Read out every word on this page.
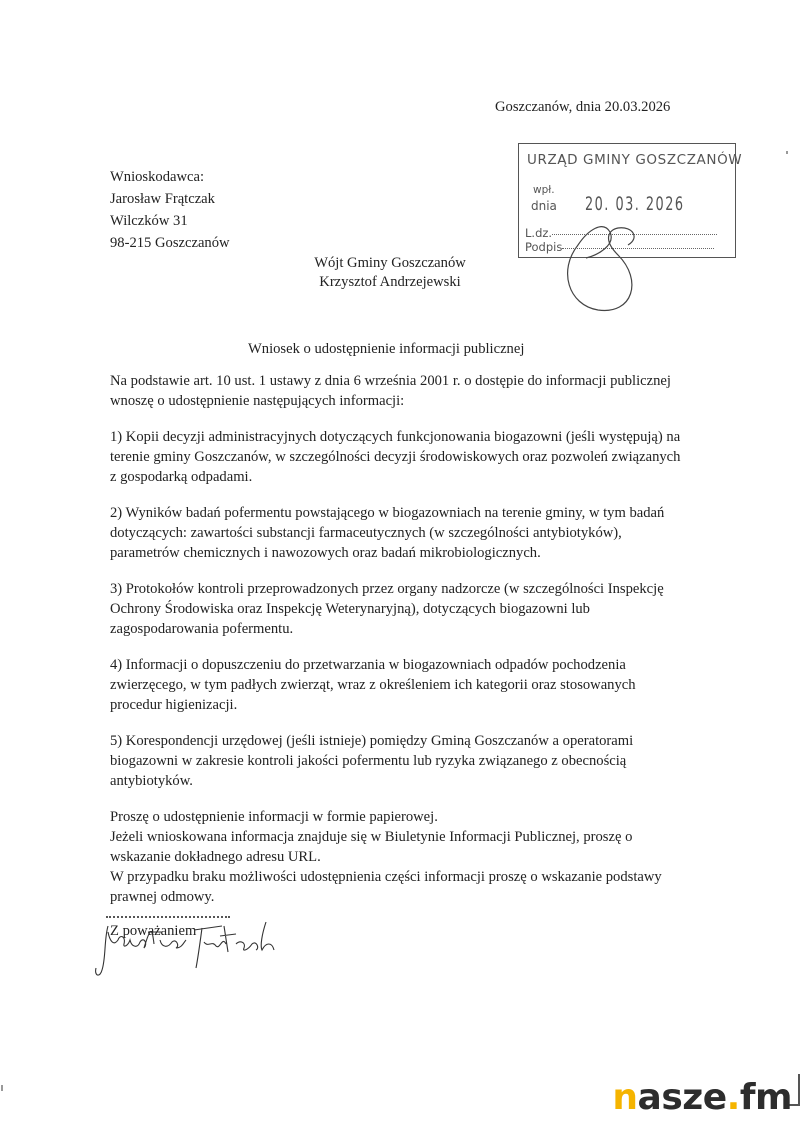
Goszczanów, dnia 20.03.2026
URZĄD GMINY GOSZCZANÓW
wpł.
dnia 20. 03. 2026
L.dz.
Podpis
Wnioskodawca:
Jarosław Frątczak
Wilczków 31
98-215 Goszczanów
Wójt Gminy Goszczanów
Krzysztof Andrzejewski
Wniosek o udostępnienie informacji publicznej

Na podstawie art. 10 ust. 1 ustawy z dnia 6 września 2001 r. o dostępie do informacji publicznej wnoszę o udostępnienie następujących informacji:

1) Kopii decyzji administracyjnych dotyczących funkcjonowania biogazowni (jeśli występują) na terenie gminy Goszczanów, w szczególności decyzji środowiskowych oraz pozwoleń związanych z gospodarką odpadami.

2) Wyników badań pofermentu powstającego w biogazowniach na terenie gminy, w tym badań dotyczących: zawartości substancji farmaceutycznych (w szczególności antybiotyków), parametrów chemicznych i nawozowych oraz badań mikrobiologicznych.

3) Protokołów kontroli przeprowadzonych przez organy nadzorcze (w szczególności Inspekcję Ochrony Środowiska oraz Inspekcję Weterynaryjną), dotyczących biogazowni lub zagospodarowania pofermentu.

4) Informacji o dopuszczeniu do przetwarzania w biogazowniach odpadów pochodzenia zwierzęcego, w tym padłych zwierząt, wraz z określeniem ich kategorii oraz stosowanych procedur higienizacji.

5) Korespondencji urzędowej (jeśli istnieje) pomiędzy Gminą Goszczanów a operatorami biogazowni w zakresie kontroli jakości pofermentu lub ryzyka związanego z obecnością antybiotyków.

Proszę o udostępnienie informacji w formie papierowej.

Jeżeli wnioskowana informacja znajduje się w Biuletynie Informacji Publicznej, proszę o wskazanie dokładnego adresu URL.

W przypadku braku możliwości udostępnienia części informacji proszę o wskazanie podstawy prawnej odmowy.

Z poważaniem

nasze.fm
